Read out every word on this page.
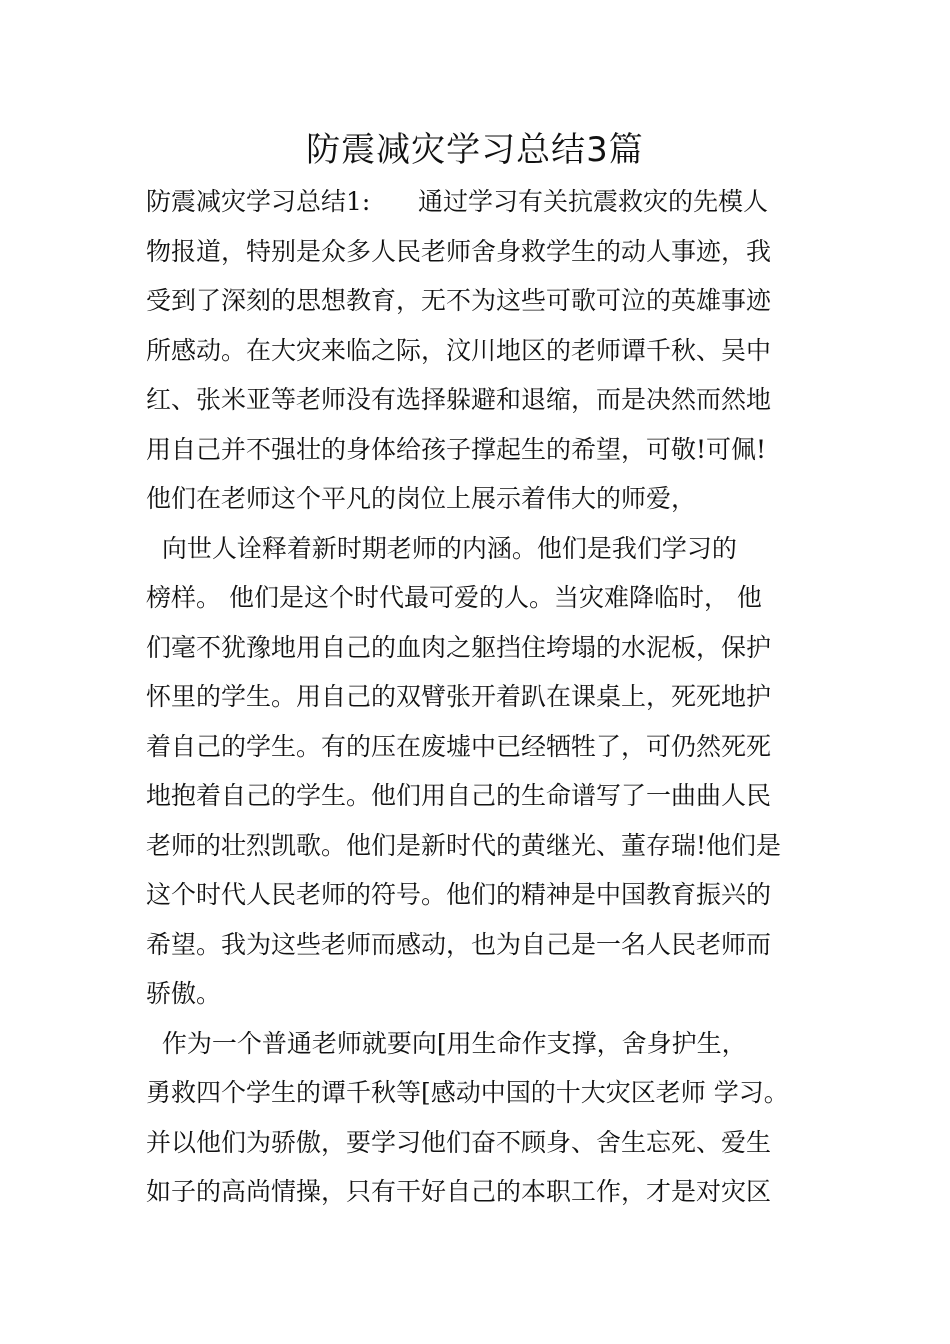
防震减灾学习总结3篇
防震减灾学习总结1:      通过学习有关抗震救灾的先模人
物报道，特别是众多人民老师舍身救学生的动人事迹，我
受到了深刻的思想教育，无不为这些可歌可泣的英雄事迹
所感动。在大灾来临之际，汶川地区的老师谭千秋、吴中
红、张米亚等老师没有选择躲避和退缩，而是决然而然地
用自己并不强壮的身体给孩子撑起生的希望，可敬!可佩!
他们在老师这个平凡的岗位上展示着伟大的师爱，
向世人诠释着新时期老师的内涵。他们是我们学习的
榜样。 他们是这个时代最可爱的人。当灾难降临时， 他
们毫不犹豫地用自己的血肉之躯挡住垮塌的水泥板，保护
怀里的学生。用自己的双臂张开着趴在课桌上，死死地护
着自己的学生。有的压在废墟中已经牺牲了，可仍然死死
地抱着自己的学生。他们用自己的生命谱写了一曲曲人民
老师的壮烈凯歌。他们是新时代的黄继光、董存瑞!他们是
这个时代人民老师的符号。他们的精神是中国教育振兴的
希望。我为这些老师而感动，也为自己是一名人民老师而
骄傲。
作为一个普通老师就要向[用生命作支撑，舍身护生，
勇救四个学生的谭千秋等[感动中国的十大灾区老师 学习。
并以他们为骄傲，要学习他们奋不顾身、舍生忘死、爱生
如子的高尚情操，只有干好自己的本职工作，才是对灾区
